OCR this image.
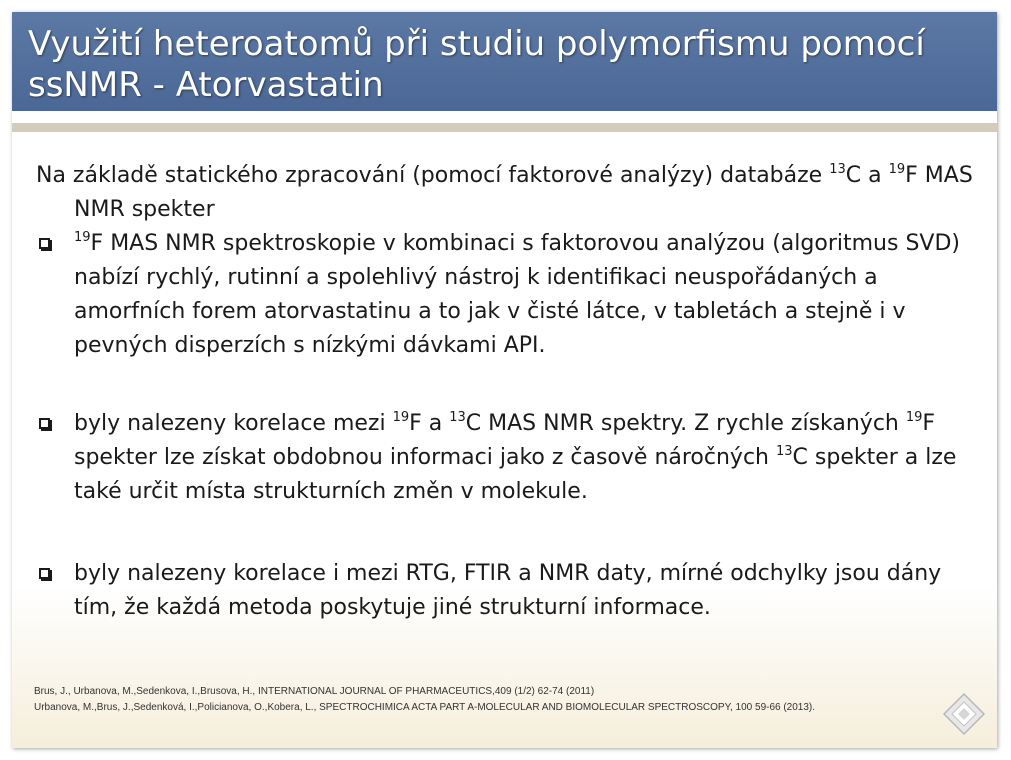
Využití heteroatomů při studiu polymorfismu pomocí ssNMR - Atorvastatin

Na základě statického zpracování (pomocí faktorové analýzy) databáze $^{13}$C a $^{19}$F MAS NMR spekter

$^{19}$F MAS NMR spektroskopie v kombinaci s faktorovou analýzou (algoritmus SVD) nabízí rychlý, rutinní a spolehlivý nástroj k identifikaci neuspořádaných a amorfních forem atorvastatinu a to jak v čisté látce, v tabletách a stejně i v pevných disperzích s nízkými dávkami API.
byly nalezeny korelace mezi $^{19}$F a $^{13}$C MAS NMR spektry. Z rychle získaných $^{19}$F spekter lze získat obdobnou informaci jako z časově náročných $^{13}$C spekter a lze také určit místa strukturních změn v molekule.
byly nalezeny korelace i mezi RTG, FTIR a NMR daty, mírné odchylky jsou dány tím, že každá metoda poskytuje jiné strukturní informace.
Brus, J., Urbanova, M.,Sedenkova, I.,Brusova, H., INTERNATIONAL JOURNAL OF PHARMACEUTICS,409 (1/2) 62-74 (2011)
Urbanova, M.,Brus, J.,Sedenková, I.,Policianova, O.,Kobera, L., SPECTROCHIMICA ACTA PART A-MOLECULAR AND BIOMOLECULAR SPECTROSCOPY, 100 59-66 (2013).
